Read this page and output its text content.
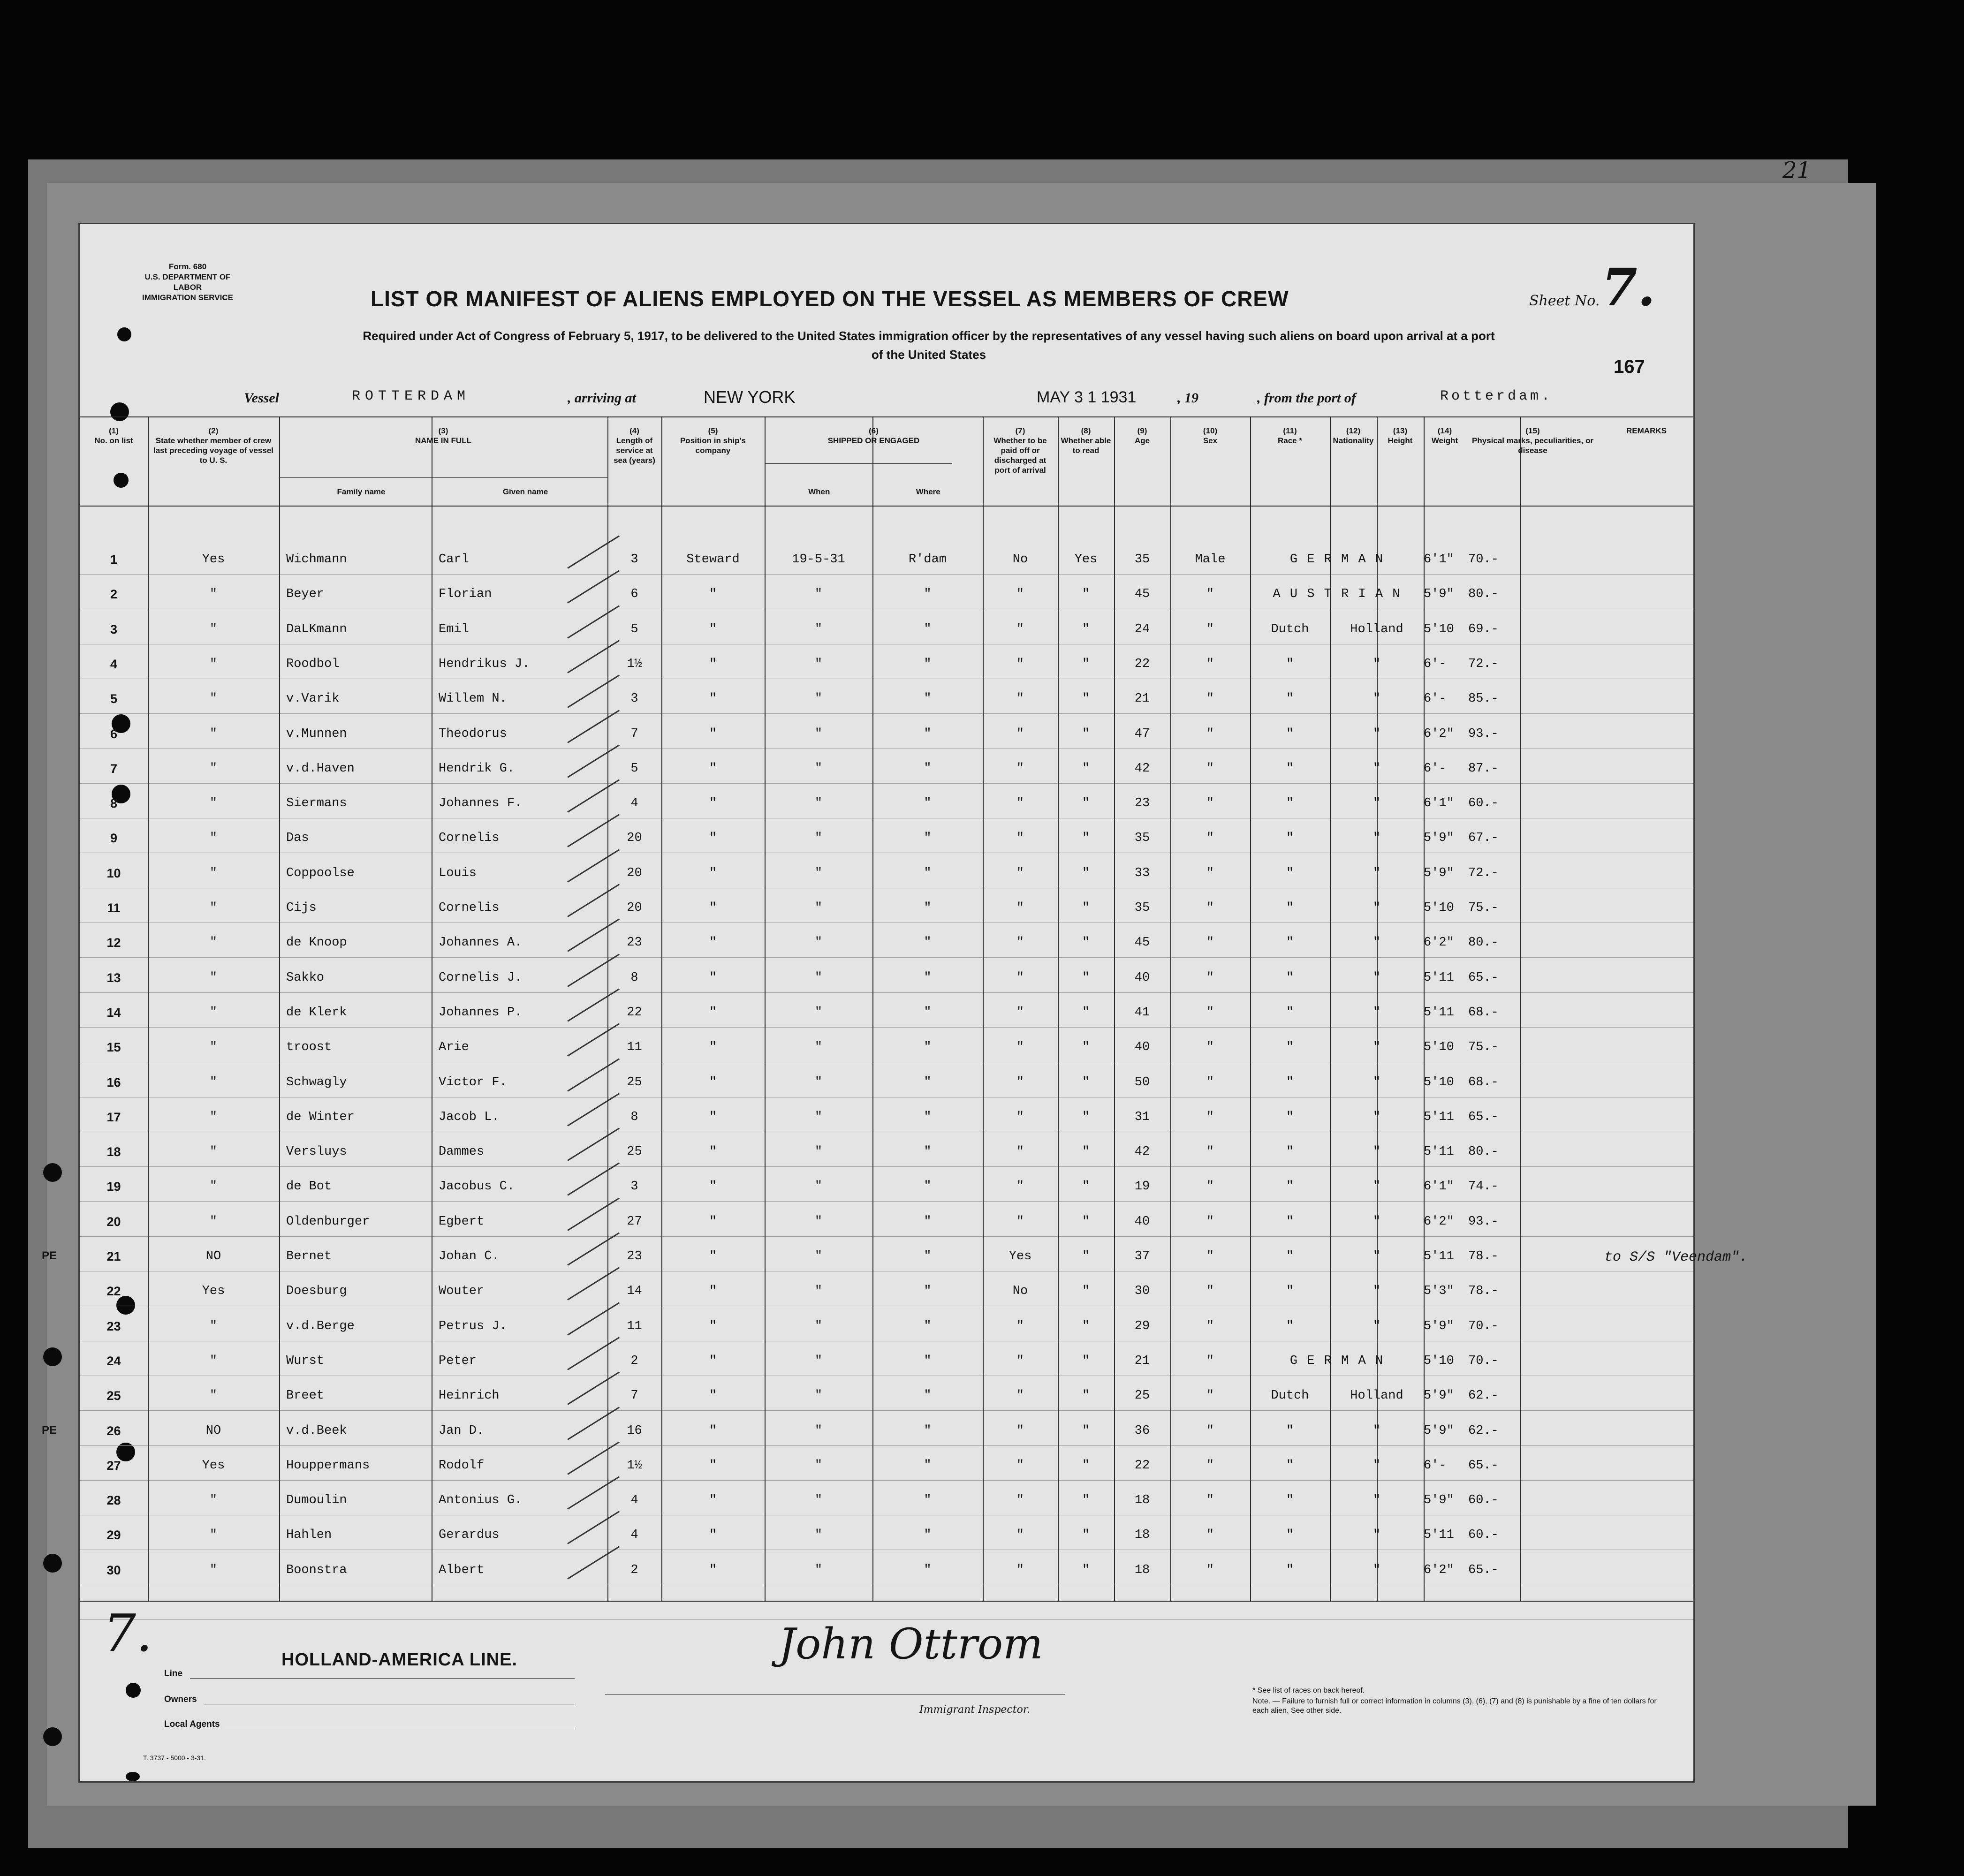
21
Form. 680
U.S. DEPARTMENT OF LABOR
IMMIGRATION SERVICE	Sheet No. 7.
LIST OR MANIFEST OF ALIENS EMPLOYED ON THE VESSEL AS MEMBERS OF CREW
Required under Act of Congress of February 5, 1917, to be delivered to the United States immigration officer by the representatives of any vessel having such aliens on board upon arrival at a port
of the United States
167
Vessel	ROTTERDAM	, arriving at	NEW YORK	MAY 3 1 1931	, 19	, from the port of	Rotterdam.
(1)
No. on list
(2)
State whether member of crew last preceding voyage of vessel to U. S.
(3)
NAME IN FULL
Family name	Given name
(4)
Length of service at sea (years)
(5)
Position in ship's company
(6)
SHIPPED OR ENGAGED
When	Where
(7)
Whether to be paid off or discharged at port of arrival
(8)
Whether able to read
(9)
Age
(10)
Sex
(11)
Race *
(12)
Nationality
(13)
Height
(14)
Weight
(15)
Physical marks, peculiarities, or disease
REMARKS
1	Yes	Wichmann	Carl	3	Steward	19-5-31	R'dam	No	Yes	35	Male	G E R M A N	6'1"	70.-
2	"	Beyer	Florian	6	"	"	"	"	"	45	"	A U S T R I A N	5'9"	80.-
3	"	DaLKmann	Emil	5	"	"	"	"	"	24	"	Dutch	Holland	5'10	69.-
4	"	Roodbol	Hendrikus J.	1½	"	"	"	"	"	22	"	"	"	6'-	72.-
5	"	v.Varik	Willem N.	3	"	"	"	"	"	21	"	"	"	6'-	85.-
6	"	v.Munnen	Theodorus	7	"	"	"	"	"	47	"	"	"	6'2"	93.-
7	"	v.d.Haven	Hendrik G.	5	"	"	"	"	"	42	"	"	"	6'-	87.-
8	"	Siermans	Johannes F.	4	"	"	"	"	"	23	"	"	"	6'1"	60.-
9	"	Das	Cornelis	20	"	"	"	"	"	35	"	"	"	5'9"	67.-
10	"	Coppoolse	Louis	20	"	"	"	"	"	33	"	"	"	5'9"	72.-
11	"	Cijs	Cornelis	20	"	"	"	"	"	35	"	"	"	5'10	75.-
12	"	de Knoop	Johannes A.	23	"	"	"	"	"	45	"	"	"	6'2"	80.-
13	"	Sakko	Cornelis J.	8	"	"	"	"	"	40	"	"	"	5'11	65.-
14	"	de Klerk	Johannes P.	22	"	"	"	"	"	41	"	"	"	5'11	68.-
15	"	troost	Arie	11	"	"	"	"	"	40	"	"	"	5'10	75.-
16	"	Schwagly	Victor F.	25	"	"	"	"	"	50	"	"	"	5'10	68.-
17	"	de Winter	Jacob L.	8	"	"	"	"	"	31	"	"	"	5'11	65.-
18	"	Versluys	Dammes	25	"	"	"	"	"	42	"	"	"	5'11	80.-
19	"	de Bot	Jacobus C.	3	"	"	"	"	"	19	"	"	"	6'1"	74.-
20	"	Oldenburger	Egbert	27	"	"	"	"	"	40	"	"	"	6'2"	93.-
PE	21	NO	Bernet	Johan C.	23	"	"	"	Yes	"	37	"	"	"	5'11	78.-	to S/S "Veendam".
22	Yes	Doesburg	Wouter	14	"	"	"	No	"	30	"	"	"	5'3"	78.-
23	"	v.d.Berge	Petrus J.	11	"	"	"	"	"	29	"	"	"	5'9"	70.-
24	"	Wurst	Peter	2	"	"	"	"	"	21	"	G E R M A N	5'10	70.-
25	"	Breet	Heinrich	7	"	"	"	"	"	25	"	Dutch	Holland	5'9"	62.-
PE	26	NO	v.d.Beek	Jan D.	16	"	"	"	"	"	36	"	"	"	5'9"	62.-
27	Yes	Houppermans	Rodolf	1½	"	"	"	"	"	22	"	"	"	6'-	65.-
28	"	Dumoulin	Antonius G.	4	"	"	"	"	"	18	"	"	"	5'9"	60.-
29	"	Hahlen	Gerardus	4	"	"	"	"	"	18	"	"	"	5'11	60.-
30	"	Boonstra	Albert	2	"	"	"	"	"	18	"	"	"	6'2"	65.-
7.
Line
HOLLAND-AMERICA LINE.
Owners
Local Agents
T. 3737 - 5000 - 3-31.
John Ottrom
Immigrant Inspector.
* See list of races on back hereof.
Note. — Failure to furnish full or correct information in columns (3), (6), (7) and (8) is punishable by a fine of ten dollars for each alien. See other side.
